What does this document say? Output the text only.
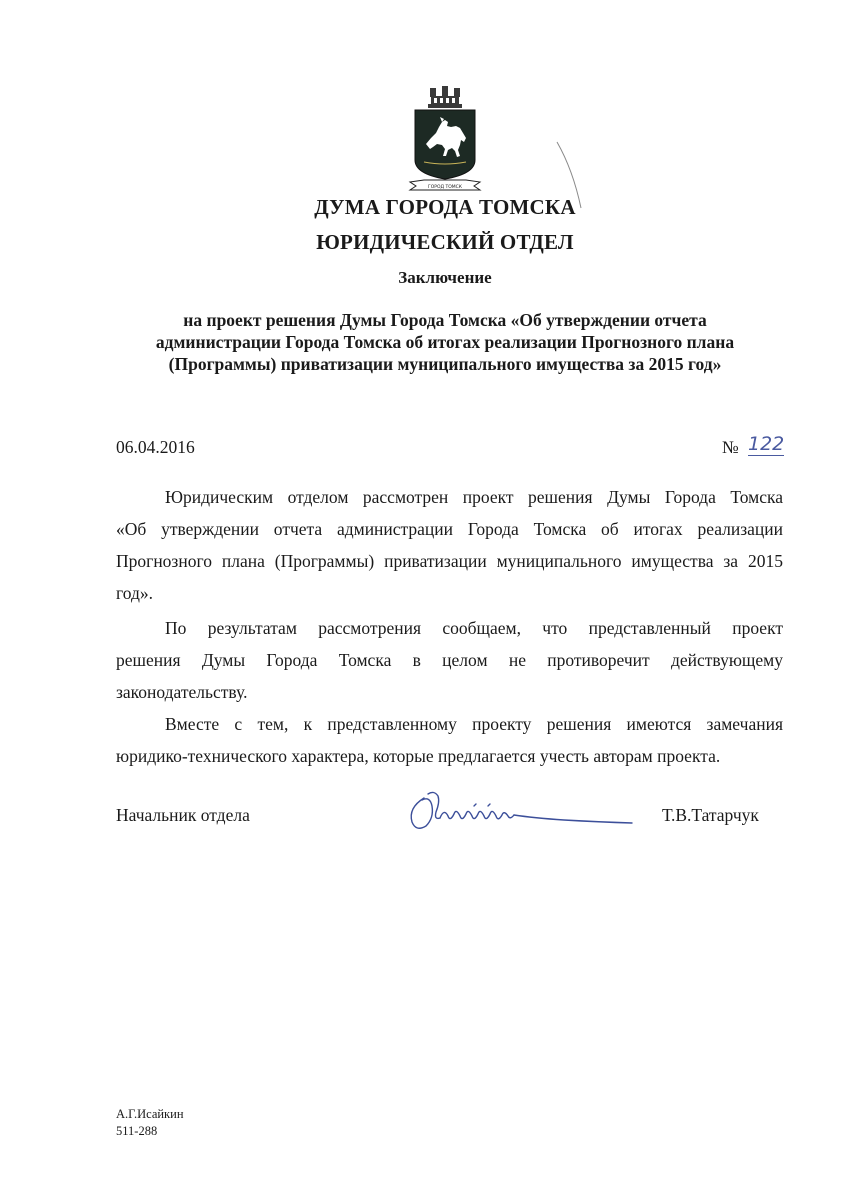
ГОРОД ТОМСК
ДУМА ГОРОДА ТОМСКА
ЮРИДИЧЕСКИЙ ОТДЕЛ
Заключение
на проект решения Думы Города Томска «Об утверждении отчета
администрации Города Томска об итогах реализации Прогнозного плана
(Программы) приватизации муниципального имущества за 2015 год»
06.04.2016	№ 122
Юридическим отделом рассмотрен проект решения Думы Города Томска
«Об утверждении отчета администрации Города Томска об итогах реализации
Прогнозного плана (Программы) приватизации муниципального имущества за 2015
год».
По результатам рассмотрения сообщаем, что представленный проект
решения Думы Города Томска в целом не противоречит действующему
законодательству.
Вместе с тем, к представленному проекту решения имеются замечания
юридико-технического характера, которые предлагается учесть авторам проекта.
Начальник отдела	Т.В.Татарчук
А.Г.Исайкин
511-288
